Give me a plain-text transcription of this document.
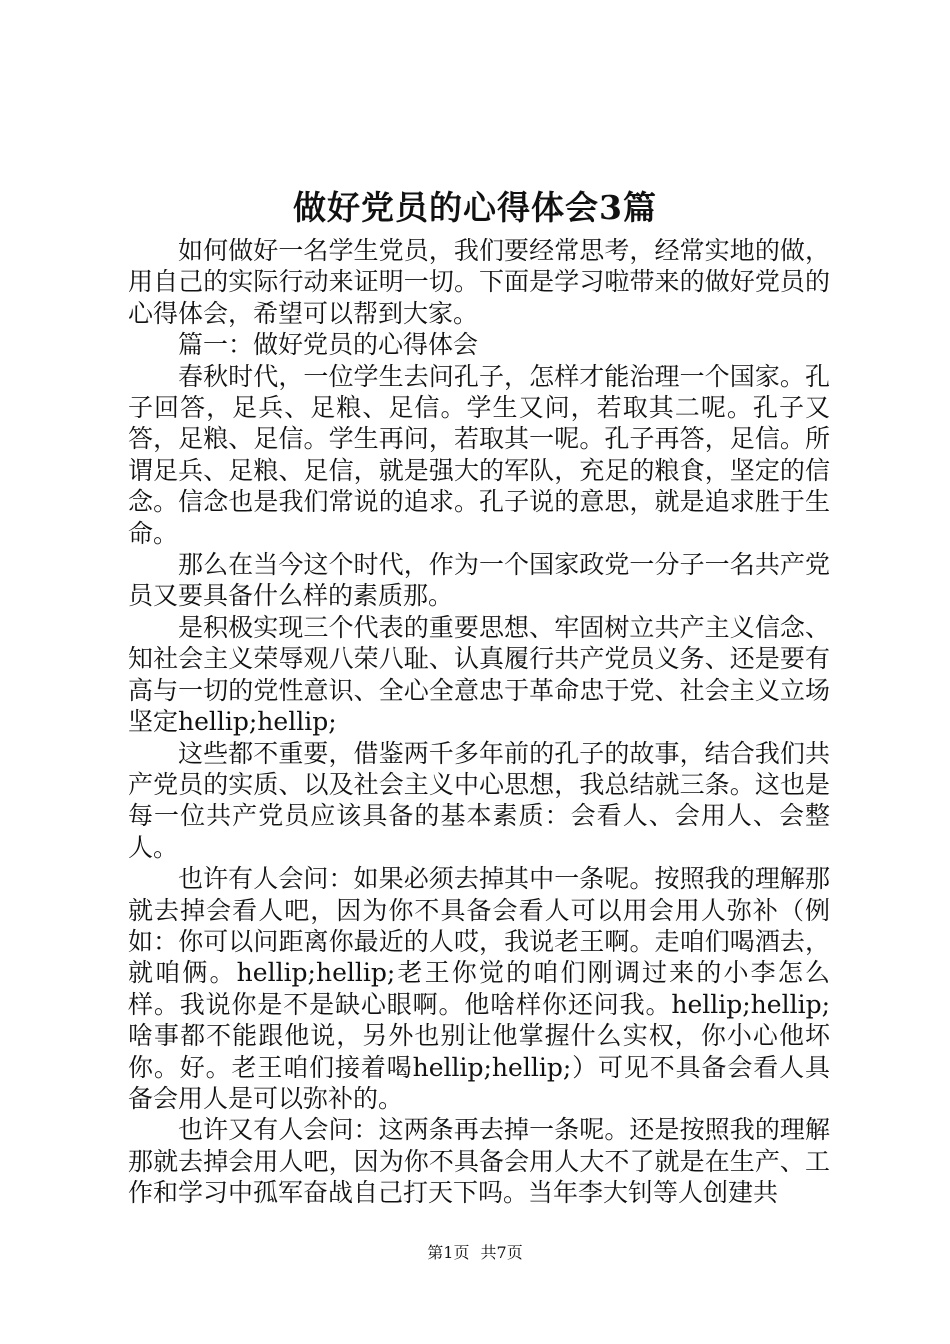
做好党员的心得体会3篇

如何做好一名学生党员，我们要经常思考，经常实地的做，用自己的实际行动来证明一切。下面是学习啦带来的做好党员的心得体会，希望可以帮到大家。

篇一：做好党员的心得体会

春秋时代，一位学生去问孔子，怎样才能治理一个国家。孔子回答，足兵、足粮、足信。学生又问，若取其二呢。孔子又答，足粮、足信。学生再问，若取其一呢。孔子再答，足信。所谓足兵、足粮、足信，就是强大的军队，充足的粮食，坚定的信念。信念也是我们常说的追求。孔子说的意思，就是追求胜于生命。

那么在当今这个时代，作为一个国家政党一分子一名共产党员又要具备什么样的素质那。

是积极实现三个代表的重要思想、牢固树立共产主义信念、知社会主义荣辱观八荣八耻、认真履行共产党员义务、还是要有高与一切的党性意识、全心全意忠于革命忠于党、社会主义立场坚定hellip;hellip;

这些都不重要，借鉴两千多年前的孔子的故事，结合我们共产党员的实质、以及社会主义中心思想，我总结就三条。这也是每一位共产党员应该具备的基本素质：会看人、会用人、会整人。

也许有人会问：如果必须去掉其中一条呢。按照我的理解那就去掉会看人吧，因为你不具备会看人可以用会用人弥补（例如：你可以问距离你最近的人哎，我说老王啊。走咱们喝酒去，就咱俩。hellip;hellip;老王你觉的咱们刚调过来的小李怎么样。我说你是不是缺心眼啊。他啥样你还问我。hellip;hellip;啥事都不能跟他说，另外也别让他掌握什么实权，你小心他坏你。好。老王咱们接着喝hellip;hellip;）可见不具备会看人具备会用人是可以弥补的。

也许又有人会问：这两条再去掉一条呢。还是按照我的理解那就去掉会用人吧，因为你不具备会用人大不了就是在生产、工作和学习中孤军奋战自己打天下吗。当年李大钊等人创建共

第1页 共7页
